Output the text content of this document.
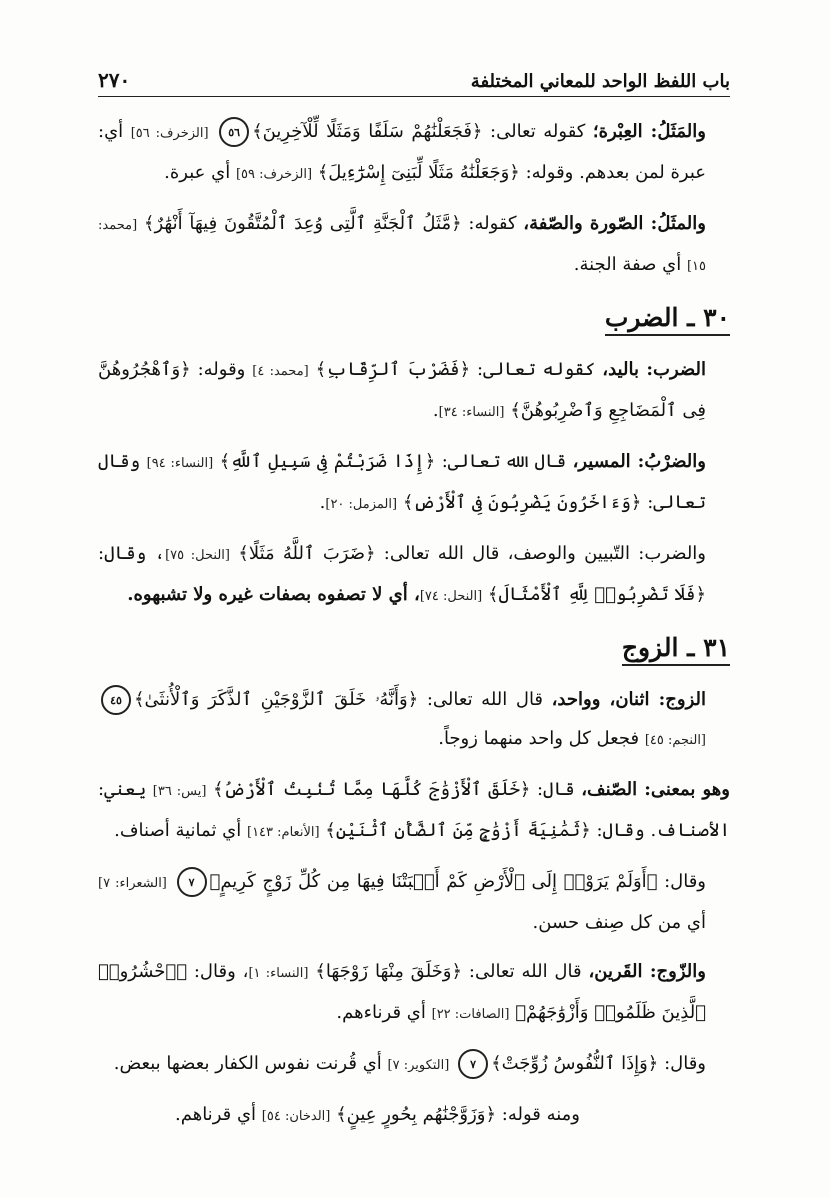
باب اللفظ الواحد للمعاني المختلفة
٢٧٠

والمَثَلُ: العِبْرة؛ كقوله تعالى: ﴿فَجَعَلْنَٰهُمْ سَلَفًا وَمَثَلًا لِّلْآخِرِينَ﴾٥٦ [الزخرف: ٥٦] أي: عبرة لمن بعدهم. وقوله: ﴿وَجَعَلْنَٰهُ مَثَلًا لِّبَنِىٓ إِسْرَٰٓءِيلَ﴾ [الزخرف: ٥٩] أي عبرة.

والمثَلُ: الصّورة والصّفة، كقوله: ﴿مَّثَلُ ٱلْجَنَّةِ ٱلَّتِى وُعِدَ ٱلْمُتَّقُونَ فِيهَآ أَنْهَٰرٌ﴾ [محمد: ١٥] أي صفة الجنة.

٣٠ ـ الضرب

الضرب: باليد، كقوله تعالى: ﴿فَضَرْبَ ٱلرِّقَابِ﴾ [محمد: ٤] وقوله: ﴿وَٱهْجُرُوهُنَّ فِى ٱلْمَضَاجِعِ وَٱضْرِبُوهُنَّ﴾ [النساء: ٣٤].

والضرْبُ: المسير، قال الله تعالى: ﴿إِذَا ضَرَبْتُمْ فِى سَبِيلِ ٱللَّهِ﴾ [النساء: ٩٤] وقال تعالى: ﴿وَءَاخَرُونَ يَضْرِبُونَ فِى ٱلْأَرْضِ﴾ [المزمل: ٢٠].

والضرب: التّبيين والوصف، قال الله تعالى: ﴿ضَرَبَ ٱللَّهُ مَثَلًا﴾ [النحل: ٧٥]، وقال: ﴿فَلَا تَضْرِبُوا۟ لِلَّهِ ٱلْأَمْثَالَ﴾ [النحل: ٧٤]، أي لا تصفوه بصفات غيره ولا تشبهوه.

٣١ ـ الزوج

الزوج: اثنان، وواحد، قال الله تعالى: ﴿وَأَنَّهُۥ خَلَقَ ٱلزَّوْجَيْنِ ٱلذَّكَرَ وَٱلْأُنثَىٰ﴾٤٥ [النجم: ٤٥] فجعل كل واحد منهما زوجاً.

وهو بمعنى: الصّنف، قال: ﴿خَلَقَ ٱلْأَزْوَٰجَ كُلَّهَا مِمَّا تُنۢبِتُ ٱلْأَرْضُ﴾ [يس: ٣٦] يعني: الأصناف. وقال: ﴿ثَمَٰنِيَةَ أَزْوَٰجٍ مِّنَ ٱلضَّأْنِ ٱثْنَيْنِ﴾ [الأنعام: ١٤٣] أي ثمانية أصناف.

وقال: ﴿أَوَلَمْ يَرَوْا۟ إِلَى ٱلْأَرْضِ كَمْ أَنۢبَتْنَا فِيهَا مِن كُلِّ زَوْجٍ كَرِيمٍ﴾٧ [الشعراء: ٧] أي من كل صِنف حسن.

والزّوج: القَرين، قال الله تعالى: ﴿وَخَلَقَ مِنْهَا زَوْجَهَا﴾ [النساء: ١]، وقال: ﴿ٱحْشُرُوا۟ ٱلَّذِينَ ظَلَمُوا۟ وَأَزْوَٰجَهُمْ﴾ [الصافات: ٢٢] أي قرناءهم.

وقال: ﴿وَإِذَا ٱلنُّفُوسُ زُوِّجَتْ﴾٧ [التكوير: ٧] أي قُرنت نفوس الكفار بعضها ببعض.

ومنه قوله: ﴿وَزَوَّجْنَٰهُم بِحُورٍ عِينٍ﴾ [الدخان: ٥٤] أي قرناهم.
